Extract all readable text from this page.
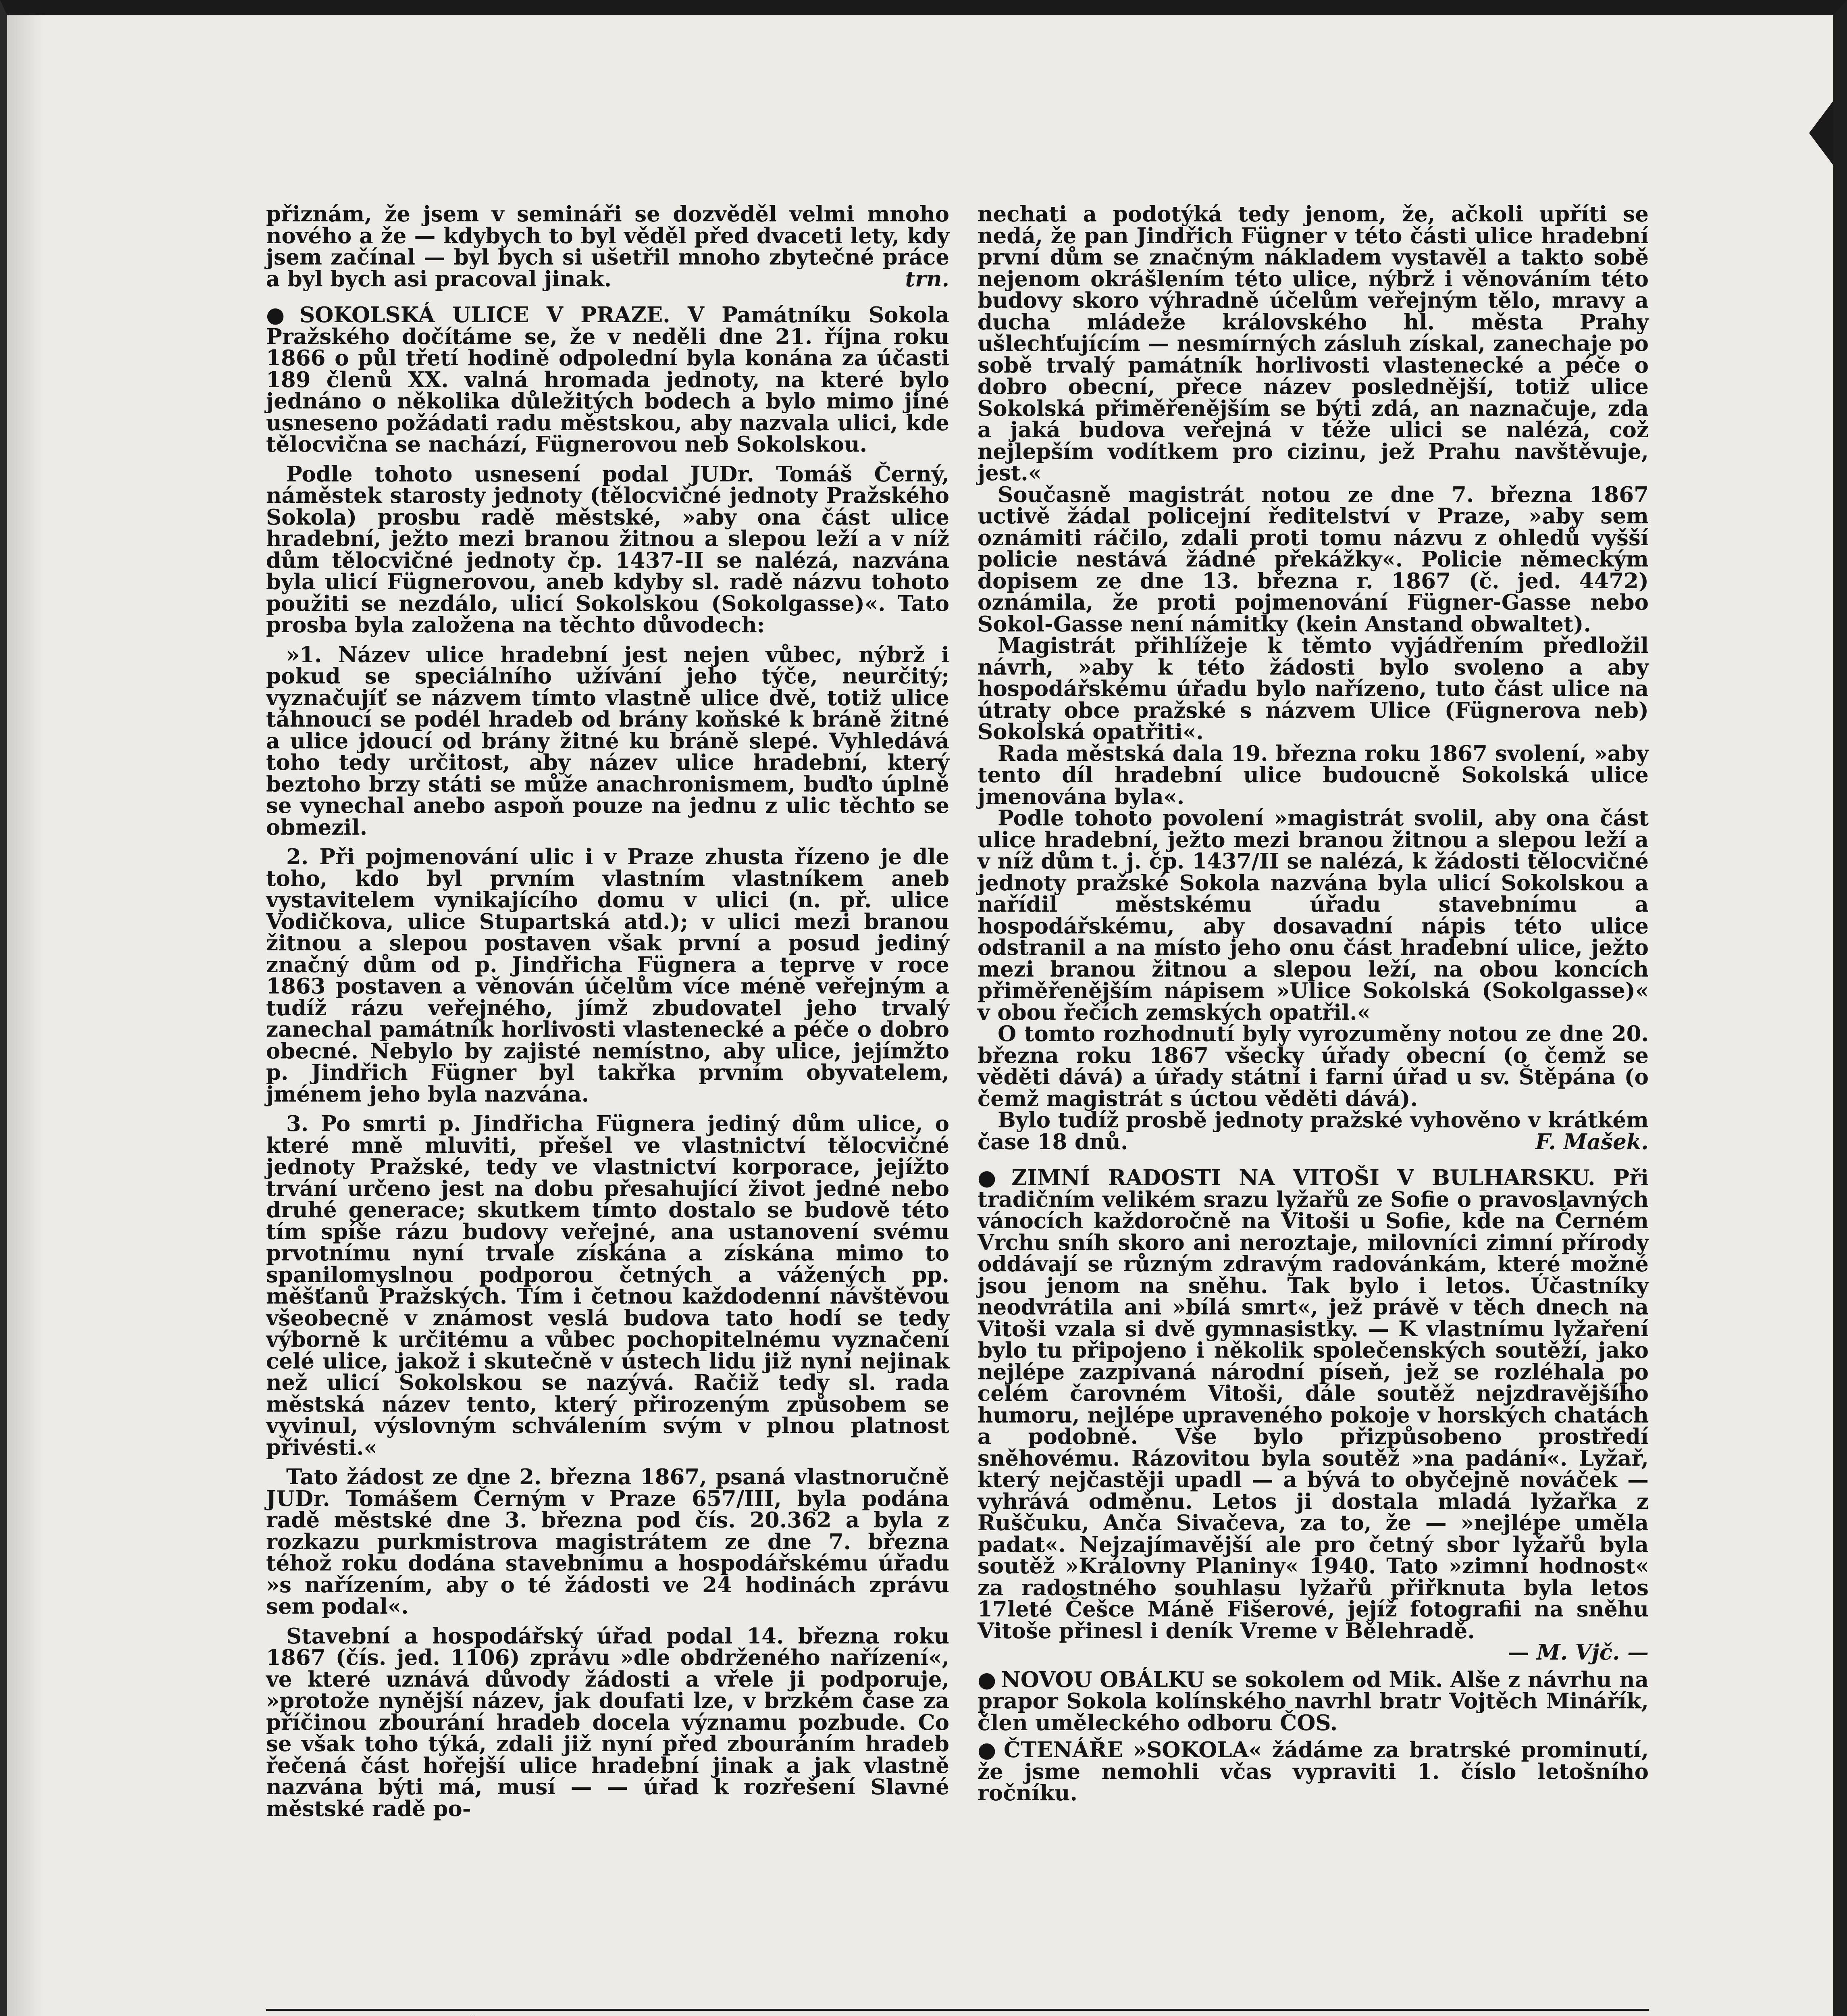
přiznám, že jsem v semináři se dozvěděl velmi mnoho nového a že — kdybych to byl věděl před dvaceti lety, kdy jsem začínal — byl bych si ušetřil mnoho zbytečné práce a byl bych asi pracoval jinak.	trn.

● SOKOLSKÁ ULICE V PRAZE. V Památníku Sokola Pražského dočítáme se, že v neděli dne 21. října roku 1866 o půl třetí hodině odpolední byla konána za účasti 189 členů XX. valná hromada jednoty, na které bylo jednáno o několika důležitých bodech a bylo mimo jiné usneseno požádati radu městskou, aby nazvala ulici, kde tělocvična se nachází, Fügnerovou neb Sokolskou.

Podle tohoto usnesení podal JUDr. Tomáš Černý, náměstek starosty jednoty (tělocvičné jednoty Pražského Sokola) prosbu radě městské, »aby ona část ulice hradební, ježto mezi branou žitnou a slepou leží a v níž dům tělocvičné jednoty čp. 1437-II se nalézá, nazvána byla ulicí Fügnerovou, aneb kdyby sl. radě názvu tohoto použiti se nezdálo, ulicí Sokolskou (Sokolgasse)«. Tato prosba byla založena na těchto důvodech:

»1. Název ulice hradební jest nejen vůbec, nýbrž i pokud se speciálního užívání jeho týče, neurčitý; vyznačujíť se názvem tímto vlastně ulice dvě, totiž ulice táhnoucí se podél hradeb od brány koňské k bráně žitné a ulice jdoucí od brány žitné ku bráně slepé. Vyhledává toho tedy určitost, aby název ulice hradební, který beztoho brzy státi se může anachronismem, buďto úplně se vynechal anebo aspoň pouze na jednu z ulic těchto se obmezil.

2. Při pojmenování ulic i v Praze zhusta řízeno je dle toho, kdo byl prvním vlastním vlastníkem aneb vystavitelem vynikajícího domu v ulici (n. př. ulice Vodičkova, ulice Stupartská atd.); v ulici mezi branou žitnou a slepou postaven však první a posud jediný značný dům od p. Jindřicha Fügnera a teprve v roce 1863 postaven a věnován účelům více méně veřejným a tudíž rázu veřejného, jímž zbudovatel jeho trvalý zanechal památník horlivosti vlastenecké a péče o dobro obecné. Nebylo by zajisté nemístno, aby ulice, jejímžto p. Jindřich Fügner byl takřka prvním obyvatelem, jménem jeho byla nazvána.

3. Po smrti p. Jindřicha Fügnera jediný dům ulice, o které mně mluviti, přešel ve vlastnictví tělocvičné jednoty Pražské, tedy ve vlastnictví korporace, jejížto trvání určeno jest na dobu přesahující život jedné nebo druhé generace; skutkem tímto dostalo se budově této tím spíše rázu budovy veřejné, ana ustanovení svému prvotnímu nyní trvale získána a získána mimo to spanilomyslnou podporou četných a vážených pp. měšťanů Pražských. Tím i četnou každodenní návštěvou všeobecně v známost veslá budova tato hodí se tedy výborně k určitému a vůbec pochopitelnému vyznačení celé ulice, jakož i skutečně v ústech lidu již nyní nejinak než ulicí Sokolskou se nazývá. Račiž tedy sl. rada městská název tento, který přirozeným způsobem se vyvinul, výslovným schválením svým v plnou platnost přivésti.«

Tato žádost ze dne 2. března 1867, psaná vlastnoručně JUDr. Tomášem Černým v Praze 657/III, byla podána radě městské dne 3. března pod čís. 20.362 a byla z rozkazu purkmistrova magistrátem ze dne 7. března téhož roku dodána stavebnímu a hospodářskému úřadu »s nařízením, aby o té žádosti ve 24 hodinách zprávu sem podal«.

Stavební a hospodářský úřad podal 14. března roku 1867 (čís. jed. 1106) zprávu »dle obdrženého nařízení«, ve které uznává důvody žádosti a vřele ji podporuje, »protože nynější název, jak doufati lze, v brzkém čase za příčinou zbourání hradeb docela významu pozbude. Co se však toho týká, zdali již nyní před zbouráním hradeb řečená část hořejší ulice hradební jinak a jak vlastně nazvána býti má, musí — — úřad k rozřešení Slavné městské radě po-

nechati a podotýká tedy jenom, že, ačkoli upříti se nedá, že pan Jindřich Fügner v této části ulice hradební první dům se značným nákladem vystavěl a takto sobě nejenom okrášlením této ulice, nýbrž i věnováním této budovy skoro výhradně účelům veřejným tělo, mravy a ducha mládeže královského hl. města Prahy ušlechťujícím — nesmírných zásluh získal, zanechaje po sobě trvalý památník horlivosti vlastenecké a péče o dobro obecní, přece název poslednější, totiž ulice Sokolská přiměřenějším se býti zdá, an naznačuje, zda a jaká budova veřejná v téže ulici se nalézá, což nejlepším vodítkem pro cizinu, jež Prahu navštěvuje, jest.«

Současně magistrát notou ze dne 7. března 1867 uctivě žádal policejní ředitelství v Praze, »aby sem oznámiti ráčilo, zdali proti tomu názvu z ohledů vyšší policie nestává žádné překážky«. Policie německým dopisem ze dne 13. března r. 1867 (č. jed. 4472) oznámila, že proti pojmenování Fügner-Gasse nebo Sokol-Gasse není námitky (kein Anstand obwaltet).

Magistrát přihlížeje k těmto vyjádřením předložil návrh, »aby k této žádosti bylo svoleno a aby hospodářskému úřadu bylo nařízeno, tuto část ulice na útraty obce pražské s názvem Ulice (Fügnerova neb) Sokolská opatřiti«.

Rada městská dala 19. března roku 1867 svolení, »aby tento díl hradební ulice budoucně Sokolská ulice jmenována byla«.

Podle tohoto povolení »magistrát svolil, aby ona část ulice hradební, ježto mezi branou žitnou a slepou leží a v níž dům t. j. čp. 1437/II se nalézá, k žádosti tělocvičné jednoty pražské Sokola nazvána byla ulicí Sokolskou a nařídil městskému úřadu stavebnímu a hospodářskému, aby dosavadní nápis této ulice odstranil a na místo jeho onu část hradební ulice, ježto mezi branou žitnou a slepou leží, na obou koncích přiměřenějším nápisem »Ulice Sokolská (Sokolgasse)« v obou řečích zemských opatřil.«

O tomto rozhodnutí byly vyrozuměny notou ze dne 20. března roku 1867 všecky úřady obecní (o čemž se věděti dává) a úřady státní i farní úřad u sv. Štěpána (o čemž magistrát s úctou věděti dává).

Bylo tudíž prosbě jednoty pražské vyhověno v krátkém čase 18 dnů.	F. Mašek.

● ZIMNÍ RADOSTI NA VITOŠI V BULHARSKU. Při tradičním velikém srazu lyžařů ze Sofie o pravoslavných vánocích každoročně na Vitoši u Sofie, kde na Černém Vrchu sníh skoro ani neroztaje, milovníci zimní přírody oddávají se různým zdravým radovánkám, které možné jsou jenom na sněhu. Tak bylo i letos. Účastníky neodvrátila ani »bílá smrt«, jež právě v těch dnech na Vitoši vzala si dvě gymnasistky. — K vlastnímu lyžaření bylo tu připojeno i několik společenských soutěží, jako nejlépe zazpívaná národní píseň, jež se rozléhala po celém čarovném Vitoši, dále soutěž nejzdravějšího humoru, nejlépe upraveného pokoje v horských chatách a podobně. Vše bylo přizpůsobeno prostředí sněhovému. Rázovitou byla soutěž »na padání«. Lyžař, který nejčastěji upadl — a bývá to obyčejně nováček — vyhrává odměnu. Letos ji dostala mladá lyžařka z Ruščuku, Anča Sivačeva, za to, že — »nejlépe uměla padat«. Nejzajímavější ale pro četný sbor lyžařů byla soutěž »Královny Planiny« 1940. Tato »zimní hodnost« za radostného souhlasu lyžařů přiřknuta byla letos 17leté Češce Máně Fišerové, jejíž fotografii na sněhu Vitoše přinesl i deník Vreme v Bělehradě.

— M. Vjč. —

● NOVOU OBÁLKU se sokolem od Mik. Alše z návrhu na prapor Sokola kolínského navrhl bratr Vojtěch Minářík, člen uměleckého odboru ČOS.

● ČTENÁŘE »SOKOLA« žádáme za bratrské prominutí, že jsme nemohli včas vypraviti 1. číslo letošního ročníku.
